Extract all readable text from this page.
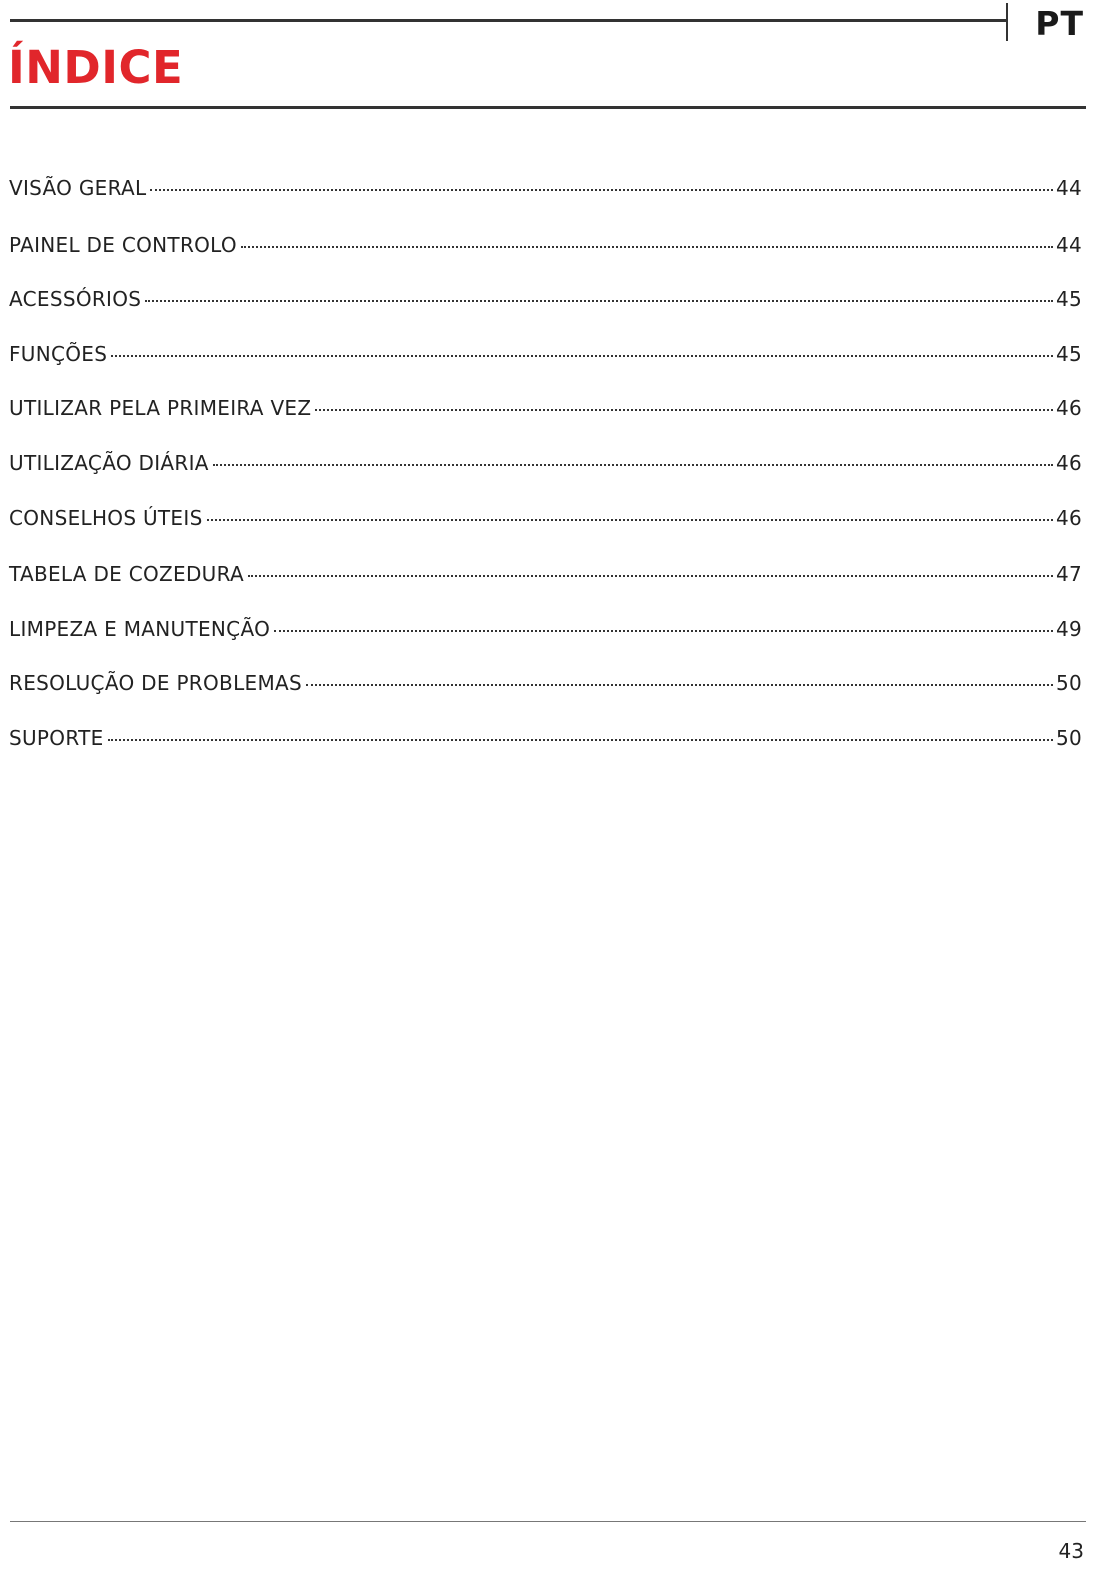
PT
ÍNDICE
VISÃO GERAL	44
PAINEL DE CONTROLO	44
ACESSÓRIOS	45
FUNÇÕES	45
UTILIZAR PELA PRIMEIRA VEZ	46
UTILIZAÇÃO DIÁRIA	46
CONSELHOS ÚTEIS	46
TABELA DE COZEDURA	47
LIMPEZA E MANUTENÇÃO	49
RESOLUÇÃO DE PROBLEMAS	50
SUPORTE	50
43
